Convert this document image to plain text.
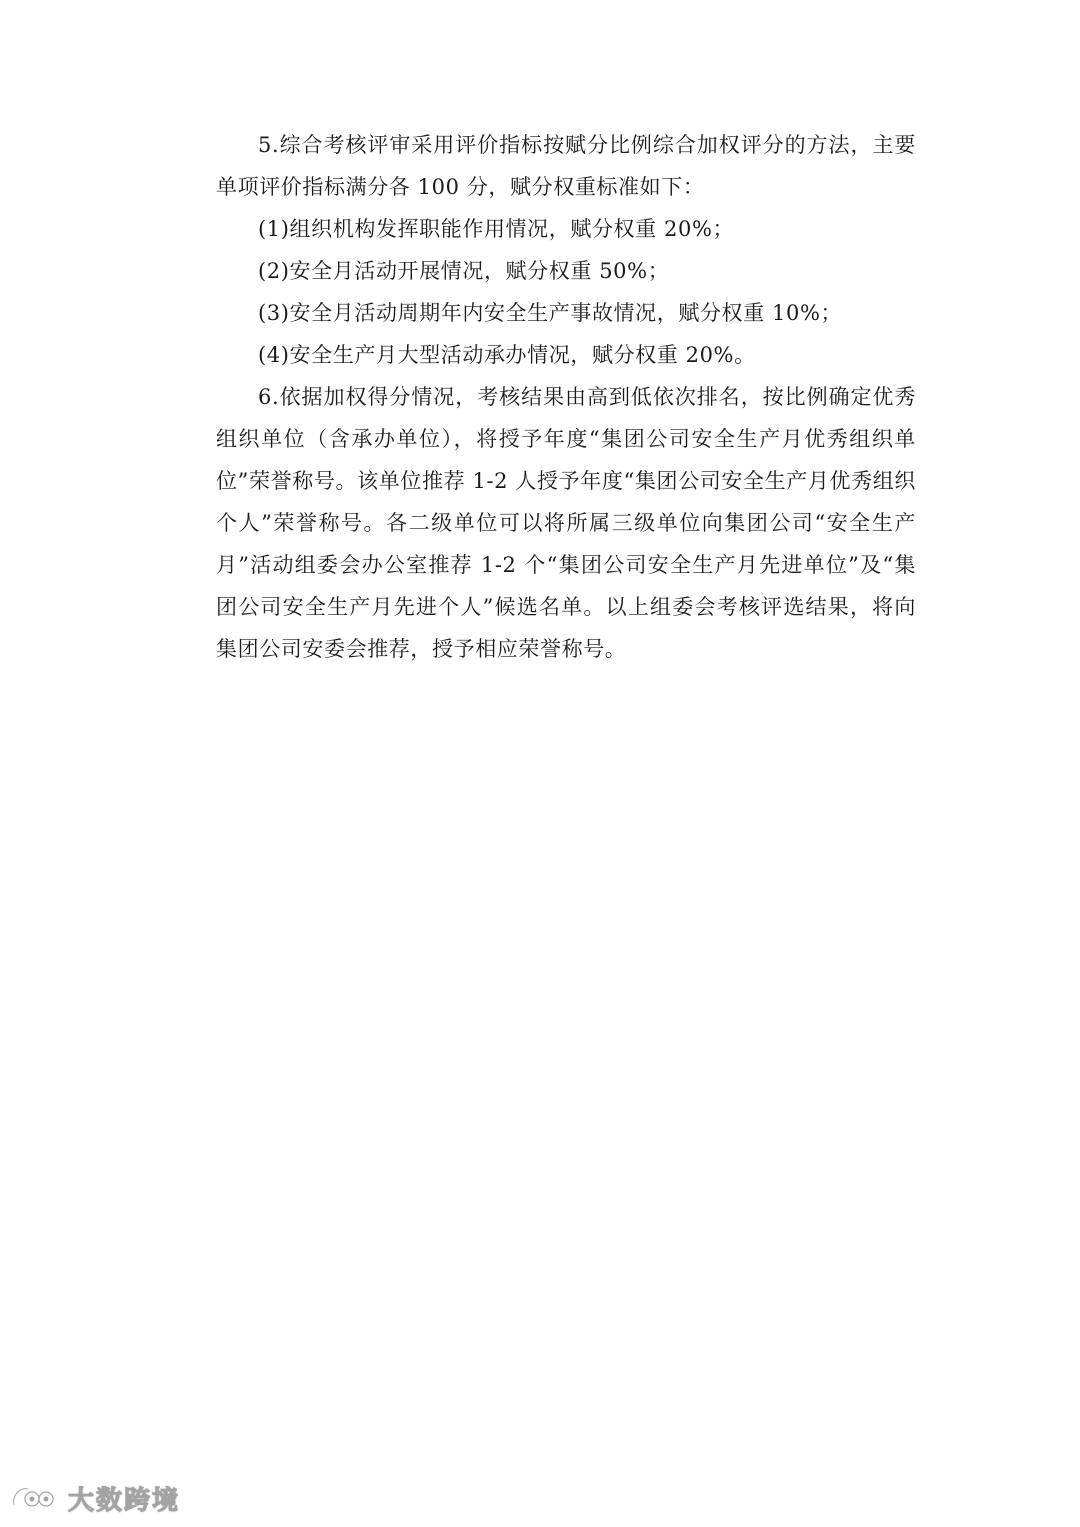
5.综合考核评审采用评价指标按赋分比例综合加权评分的方法，主要单项评价指标满分各 100 分，赋分权重标准如下：

(1)组织机构发挥职能作用情况，赋分权重 20%；

(2)安全月活动开展情况，赋分权重 50%；

(3)安全月活动周期年内安全生产事故情况，赋分权重 10%；

(4)安全生产月大型活动承办情况，赋分权重 20%。

6.依据加权得分情况，考核结果由高到低依次排名，按比例确定优秀组织单位（含承办单位），将授予年度“集团公司安全生产月优秀组织单位”荣誉称号。该单位推荐 1-2 人授予年度“集团公司安全生产月优秀组织个人”荣誉称号。各二级单位可以将所属三级单位向集团公司“安全生产月”活动组委会办公室推荐 1-2 个“集团公司安全生产月先进单位”及“集团公司安全生产月先进个人”候选名单。以上组委会考核评选结果，将向集团公司安委会推荐，授予相应荣誉称号。

大数跨境
